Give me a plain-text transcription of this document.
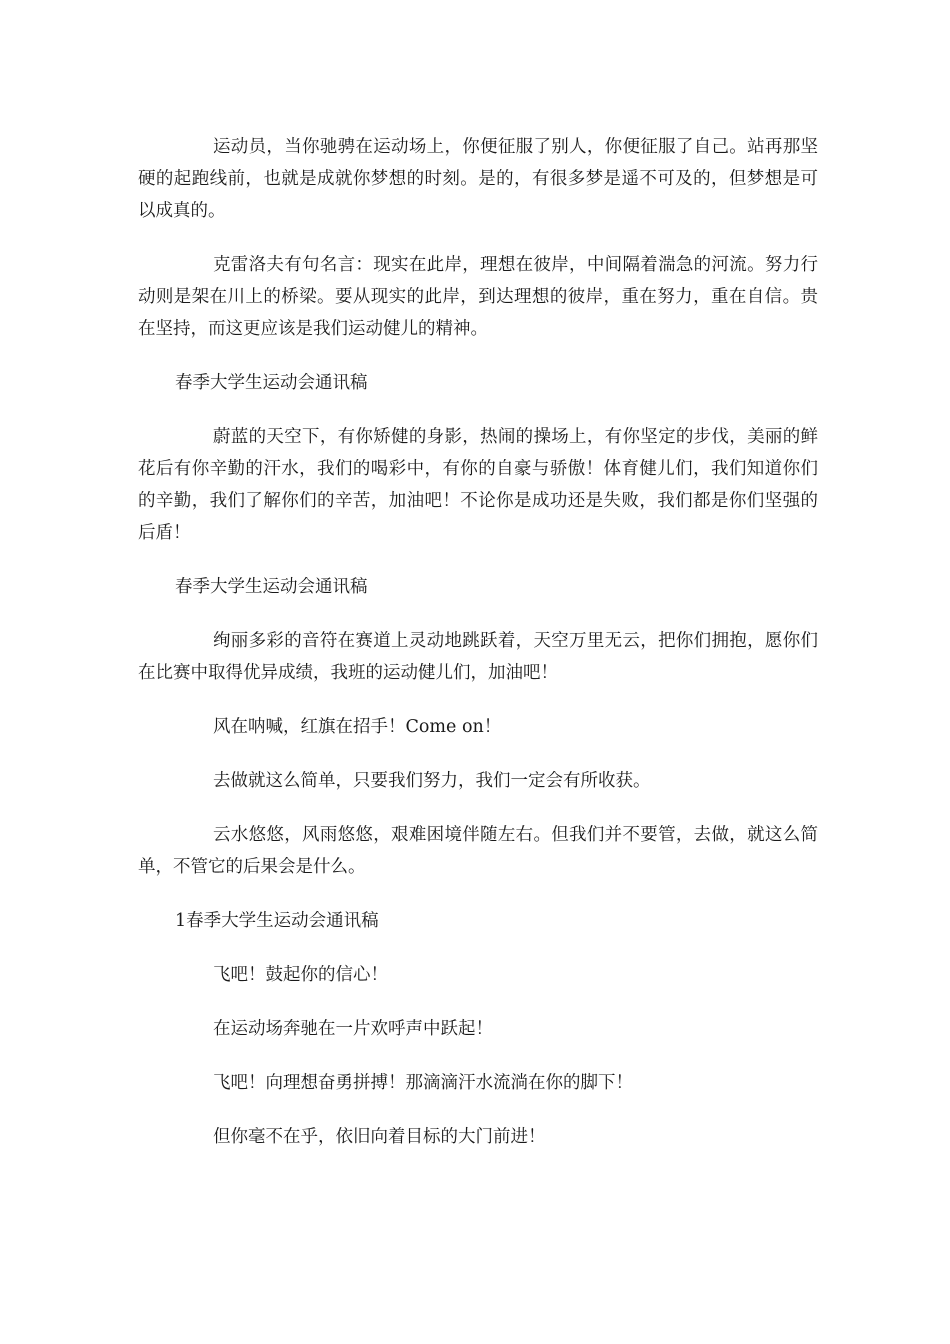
运动员，当你驰骋在运动场上，你便征服了别人，你便征服了自己。站再那坚硬的起跑线前，也就是成就你梦想的时刻。是的，有很多梦是遥不可及的，但梦想是可以成真的。

克雷洛夫有句名言：现实在此岸，理想在彼岸，中间隔着湍急的河流。努力行动则是架在川上的桥梁。要从现实的此岸，到达理想的彼岸，重在努力，重在自信。贵在坚持，而这更应该是我们运动健儿的精神。

春季大学生运动会通讯稿

蔚蓝的天空下，有你矫健的身影，热闹的操场上，有你坚定的步伐，美丽的鲜花后有你辛勤的汗水，我们的喝彩中，有你的自豪与骄傲！体育健儿们，我们知道你们的辛勤，我们了解你们的辛苦，加油吧！不论你是成功还是失败，我们都是你们坚强的后盾！

春季大学生运动会通讯稿

绚丽多彩的音符在赛道上灵动地跳跃着，天空万里无云，把你们拥抱，愿你们在比赛中取得优异成绩，我班的运动健儿们，加油吧！

风在呐喊，红旗在招手！Come on！

去做就这么简单，只要我们努力，我们一定会有所收获。

云水悠悠，风雨悠悠，艰难困境伴随左右。但我们并不要管，去做，就这么简单，不管它的后果会是什么。

1春季大学生运动会通讯稿

飞吧！鼓起你的信心！

在运动场奔驰在一片欢呼声中跃起！

飞吧！向理想奋勇拼搏！那滴滴汗水流淌在你的脚下！

但你毫不在乎，依旧向着目标的大门前进！
